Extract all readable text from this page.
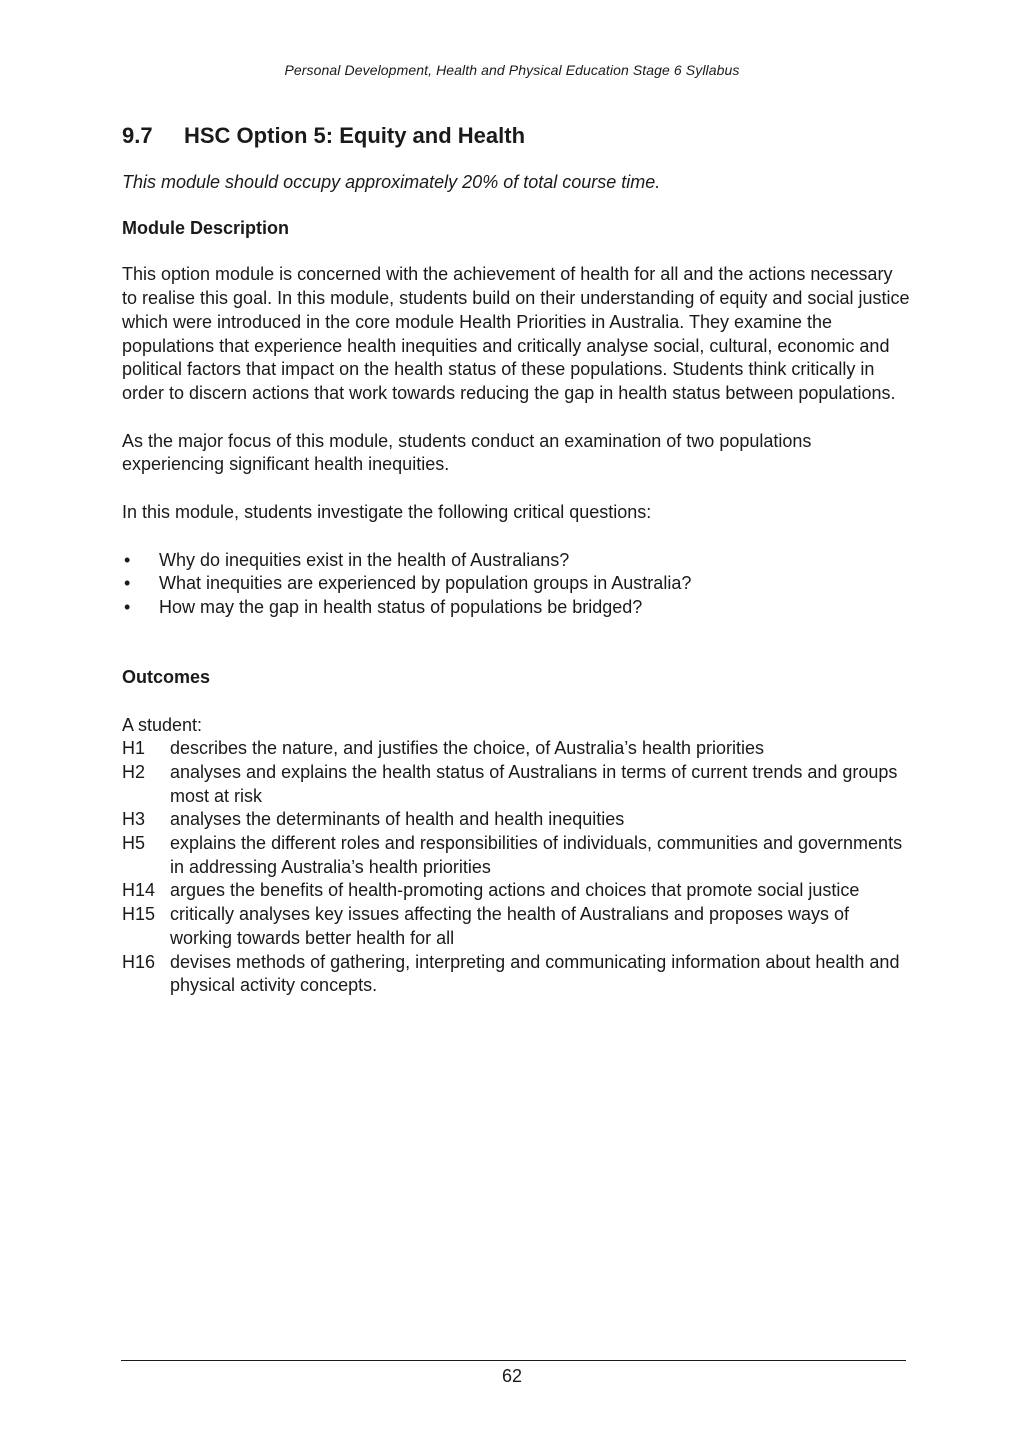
Personal Development, Health and Physical Education Stage 6 Syllabus
9.7	HSC Option 5: Equity and Health

This module should occupy approximately 20% of total course time.

Module Description

This option module is concerned with the achievement of health for all and the actions necessary to realise this goal. In this module, students build on their understanding of equity and social justice which were introduced in the core module Health Priorities in Australia. They examine the populations that experience health inequities and critically analyse social, cultural, economic and political factors that impact on the health status of these populations. Students think critically in order to discern actions that work towards reducing the gap in health status between populations.

As the major focus of this module, students conduct an examination of two populations experiencing significant health inequities.

In this module, students investigate the following critical questions:

•	Why do inequities exist in the health of Australians?
•	What inequities are experienced by population groups in Australia?
•	How may the gap in health status of populations be bridged?

Outcomes

A student:

H1	describes the nature, and justifies the choice, of Australia’s health priorities
H2	analyses and explains the health status of Australians in terms of current trends and groups most at risk
H3	analyses the determinants of health and health inequities
H5	explains the different roles and responsibilities of individuals, communities and governments in addressing Australia’s health priorities
H14 argues the benefits of health-promoting actions and choices that promote social justice
H15 critically analyses key issues affecting the health of Australians and proposes ways of working towards better health for all
H16 devises methods of gathering, interpreting and communicating information about health and physical activity concepts.
62
